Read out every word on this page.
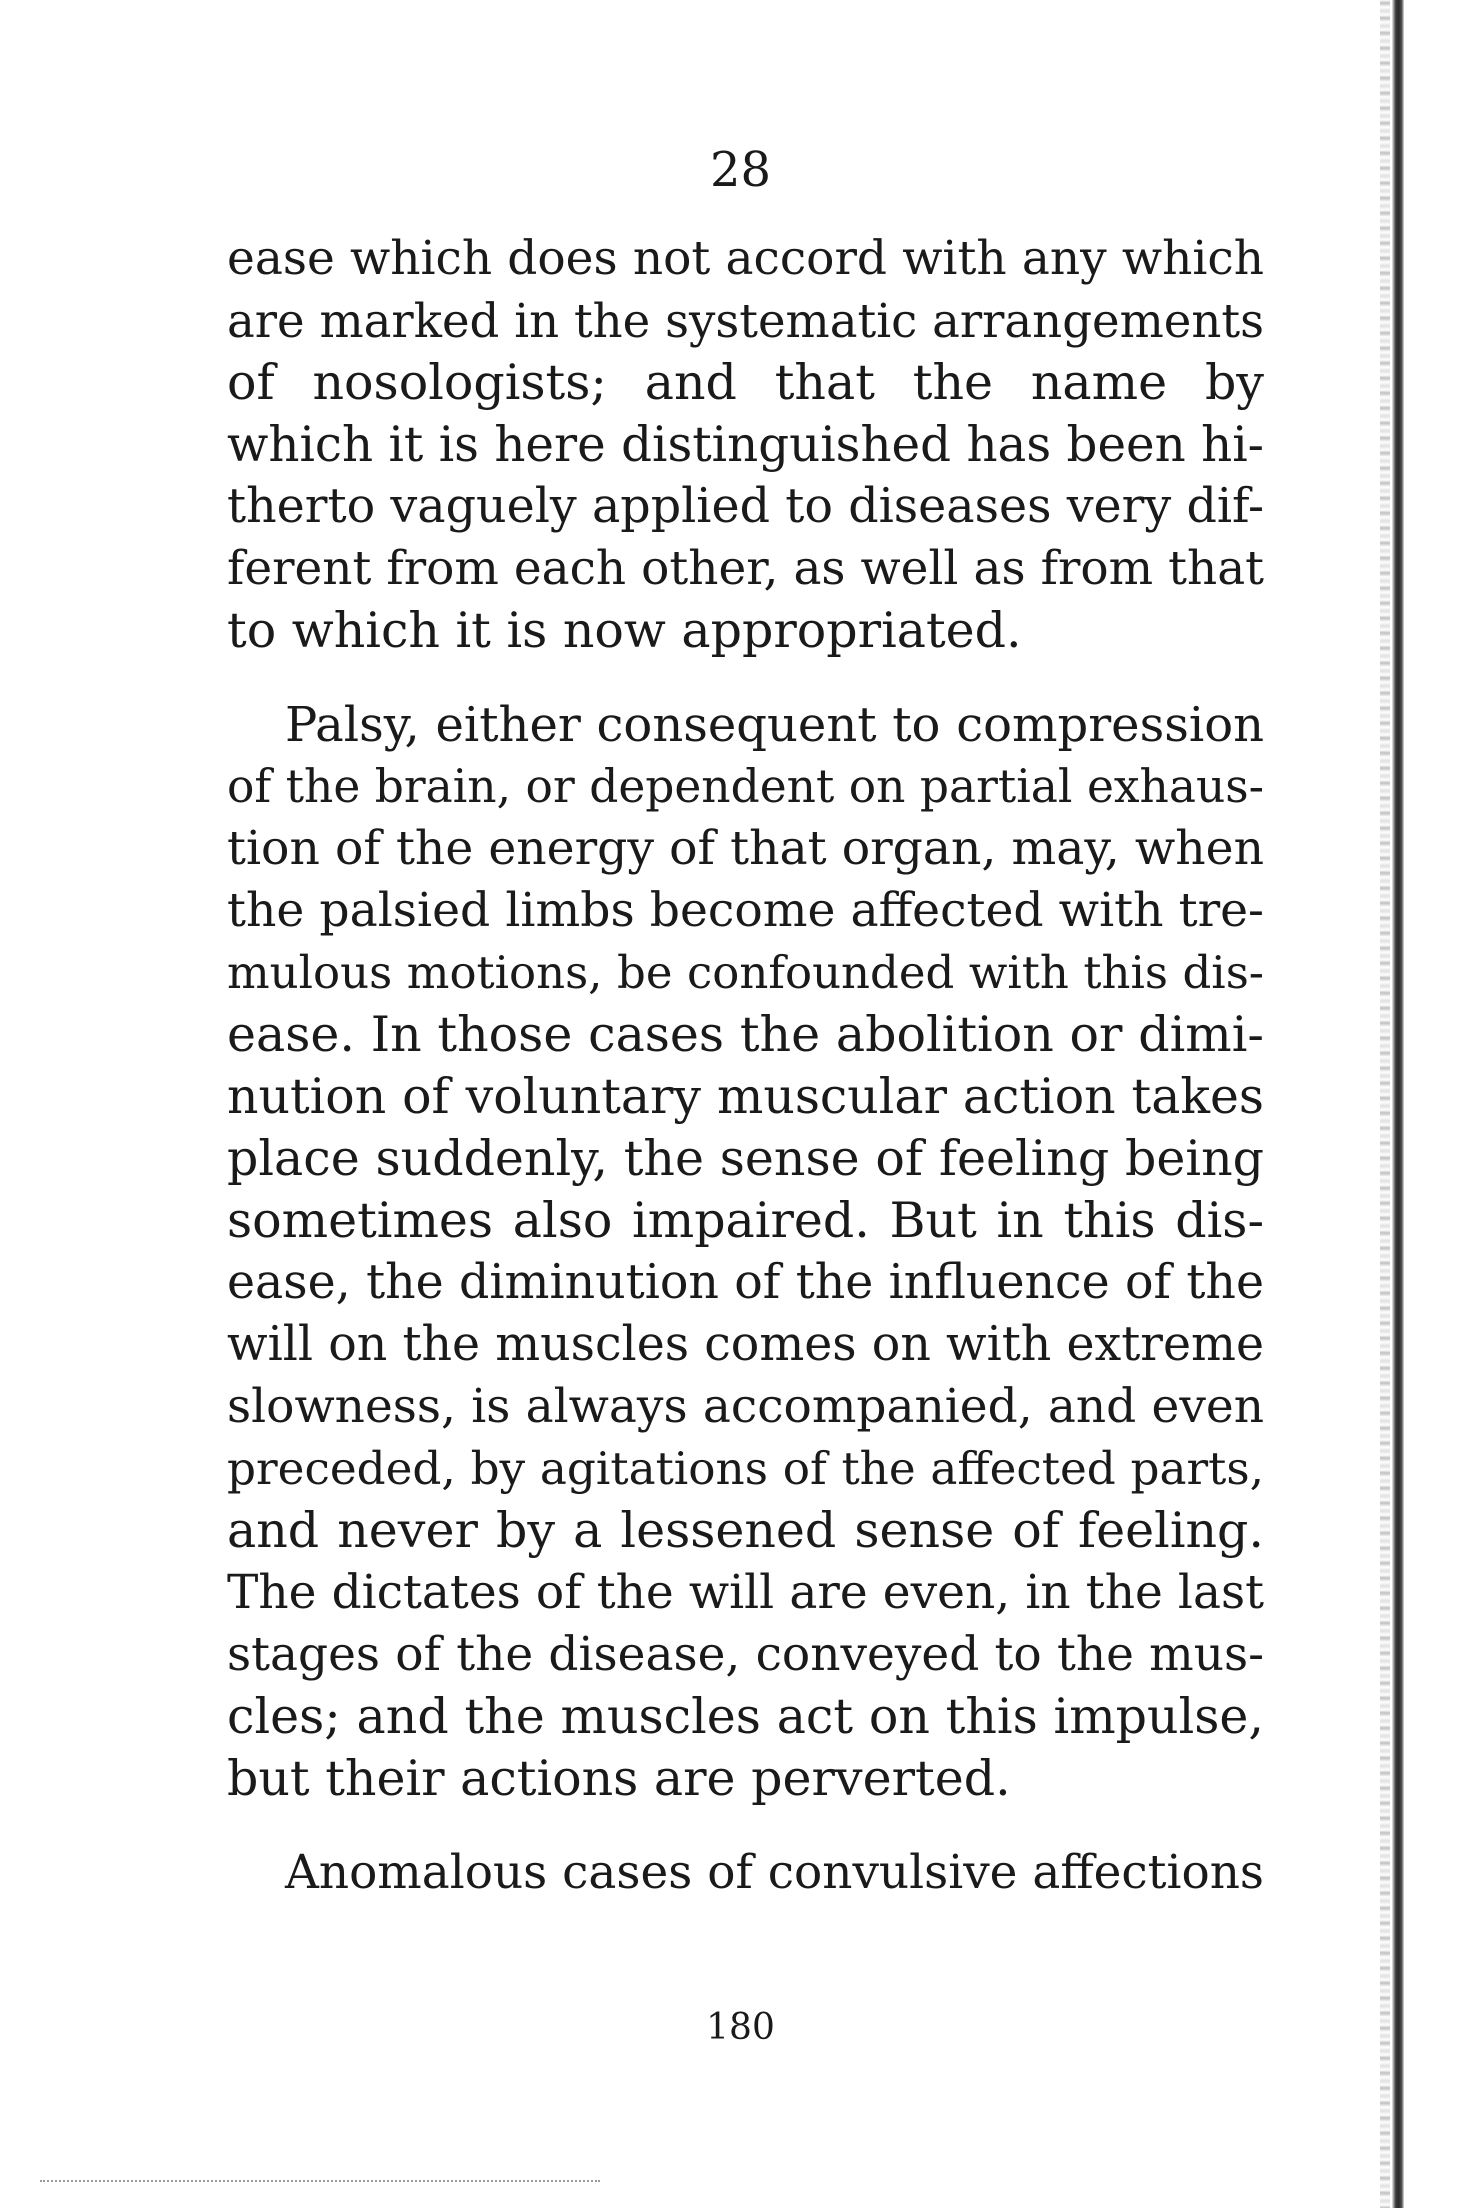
28
ease which does not accord with any which
are marked in the systematic arrangements
of nosologists; and that the name by
which it is here distinguished has been hi-
therto vaguely applied to diseases very dif-
ferent from each other, as well as from that
to which it is now appropriated.
Palsy, either consequent to compression
of the brain, or dependent on partial exhaus-
tion of the energy of that organ, may, when
the palsied limbs become affected with tre-
mulous motions, be confounded with this dis-
ease. In those cases the abolition or dimi-
nution of voluntary muscular action takes
place suddenly, the sense of feeling being
sometimes also impaired. But in this dis-
ease, the diminution of the influence of the
will on the muscles comes on with extreme
slowness, is always accompanied, and even
preceded, by agitations of the affected parts,
and never by a lessened sense of feeling.
The dictates of the will are even, in the last
stages of the disease, conveyed to the mus-
cles; and the muscles act on this impulse,
but their actions are perverted.
Anomalous cases of convulsive affections
180
